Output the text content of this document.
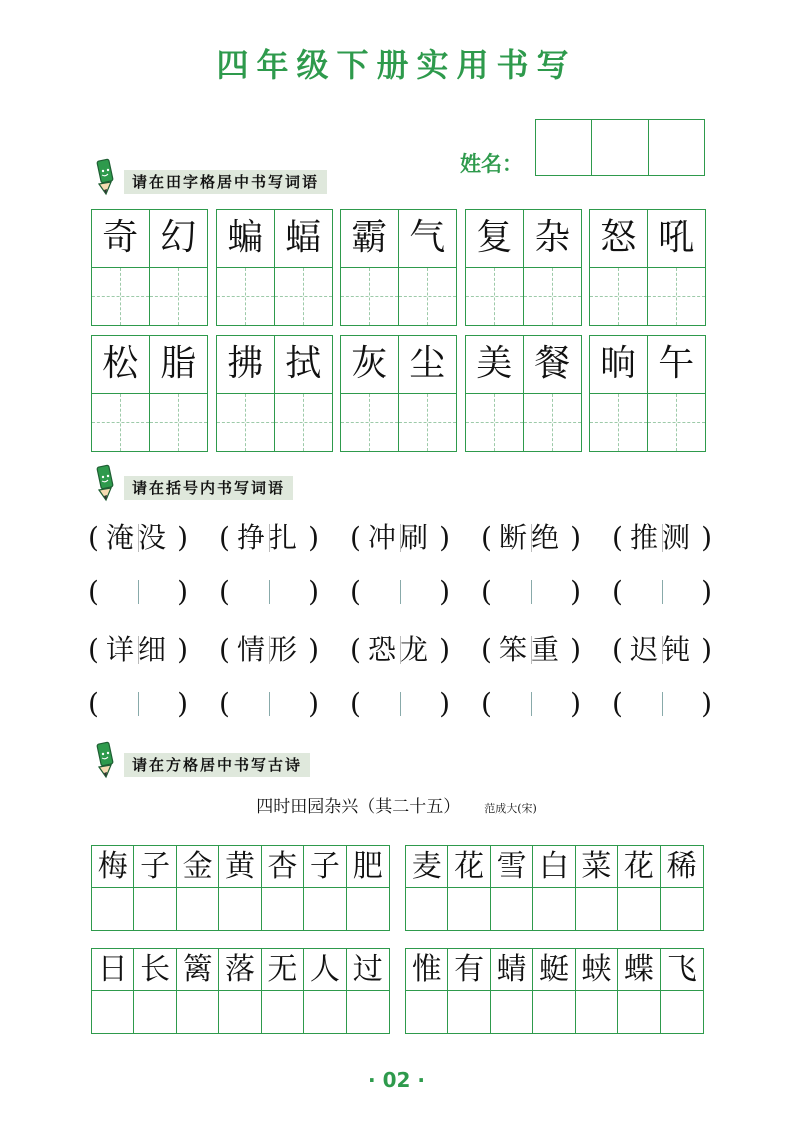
四年级下册实用书写
姓名：
请在田字格居中书写词语
奇 幻 蝙 蝠 霸 气 复 杂 怒 吼
松 脂 拂 拭 灰 尘 美 餐 晌 午
请在括号内书写词语
( 淹没 ) ( 挣扎 ) ( 冲刷 ) ( 断绝 ) ( 推测 )
(	) (	) (	) (	) (	)
( 详细 ) ( 情形 ) ( 恐龙 ) ( 笨重 ) ( 迟钝 )
(	) (	) (	) (	) (	)
请在方格居中书写古诗
四时田园杂兴（其二十五） 范成大(宋)
梅 子 金 黄 杏 子 肥 麦 花 雪 白 菜 花 稀
日 长 篱 落 无 人 过 惟 有 蜻 蜓 蛱 蝶 飞
· 02 ·
